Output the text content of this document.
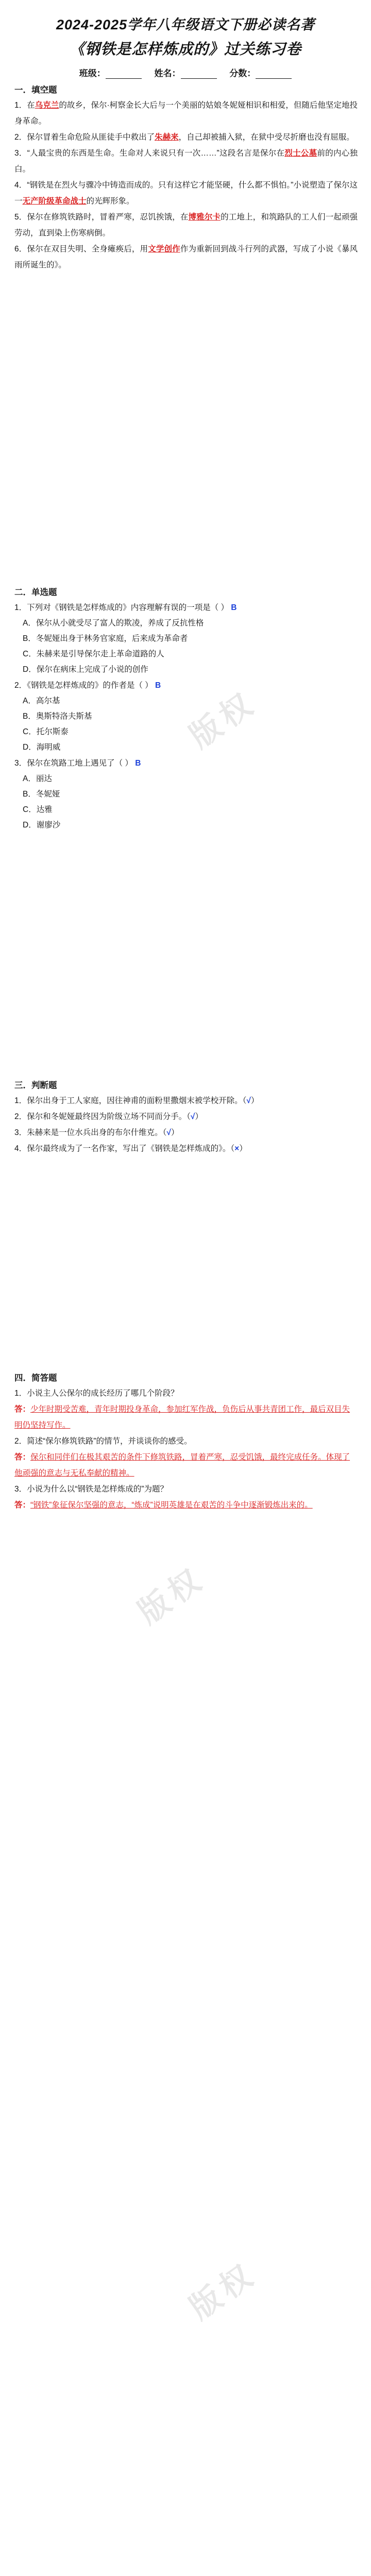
版权
版权
版权
2024-2025学年八年级语文下册必读名著
《钢铁是怎样炼成的》过关练习卷
班级：	姓名：	分数：

一．填空题

1．在乌克兰的故乡，保尔·柯察金长大后与一个美丽的姑娘冬妮娅相识和相爱，但随后他坚定地投身革命。

2．保尔冒着生命危险从匪徒手中救出了朱赫来，自己却被捕入狱，在狱中受尽折磨也没有屈服。

3．“人最宝贵的东西是生命。生命对人来说只有一次……”这段名言是保尔在烈士公墓前的内心独白。

4．“钢铁是在烈火与骤冷中铸造而成的。只有这样它才能坚硬，什么都不惧怕。”小说塑造了保尔这一无产阶级革命战士的光辉形象。

5．保尔在修筑铁路时，冒着严寒，忍饥挨饿，在博雅尔卡的工地上，和筑路队的工人们一起顽强劳动，直到染上伤寒病倒。

6．保尔在双目失明、全身瘫痪后，用文学创作作为重新回到战斗行列的武器，写成了小说《暴风雨所诞生的》。

二．单选题

1．下列对《钢铁是怎样炼成的》内容理解有误的一项是（ ） B

A．保尔从小就受尽了富人的欺凌，养成了反抗性格

B．冬妮娅出身于林务官家庭，后来成为革命者

C．朱赫来是引导保尔走上革命道路的人

D．保尔在病床上完成了小说的创作

2．《钢铁是怎样炼成的》的作者是（ ） B

A．高尔基

B．奥斯特洛夫斯基

C．托尔斯泰

D．海明威

3．保尔在筑路工地上遇见了（ ） B

A．丽达

B．冬妮娅

C．达雅

D．谢廖沙

三．判断题

1．保尔出身于工人家庭，因往神甫的面粉里撒烟末被学校开除。（√）

2．保尔和冬妮娅最终因为阶级立场不同而分手。（√）

3．朱赫来是一位水兵出身的布尔什维克。（√）

4．保尔最终成为了一名作家，写出了《钢铁是怎样炼成的》。（×）

四．简答题

1．小说主人公保尔的成长经历了哪几个阶段？

答：少年时期受苦难，青年时期投身革命，参加红军作战，负伤后从事共青团工作，最后双目失明仍坚持写作。

2．简述“保尔修筑铁路”的情节，并谈谈你的感受。

答：保尔和同伴们在极其艰苦的条件下修筑铁路，冒着严寒，忍受饥饿，最终完成任务。体现了他顽强的意志与无私奉献的精神。

3．小说为什么以“钢铁是怎样炼成的”为题？

答：“钢铁”象征保尔坚强的意志，“炼成”说明英雄是在艰苦的斗争中逐渐锻炼出来的。
